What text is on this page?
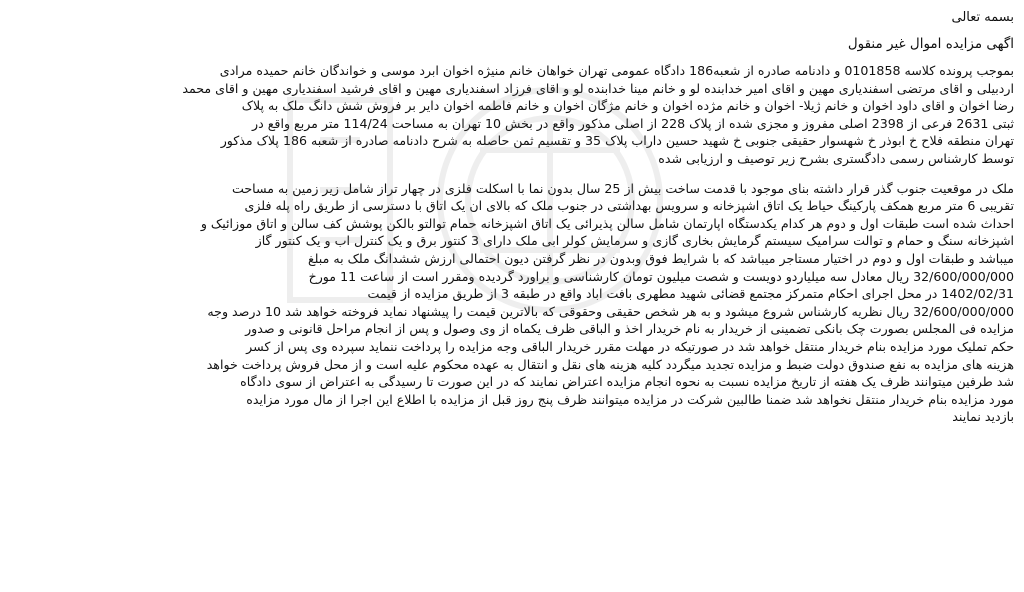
بسمه تعالی

اگهی مزایده اموال غیر منقول

بموجب پرونده کلاسه 0101858 و دادنامه صادره از شعبه186 دادگاه عمومی تهران خواهان خانم منیژه اخوان ابرد موسی و خواندگان خانم حمیده مرادی
اردبیلی و اقای مرتضی اسفندیاری مهین و اقای امیر خدابنده لو و خانم مینا خدابنده لو و اقای فرزاد اسفندیاری مهین و اقای فرشید اسفندیاری مهین و اقای محمد
رضا اخوان و اقای داود اخوان و خانم ژیلا- اخوان و خانم مژده اخوان و خانم مژگان اخوان و خانم فاطمه اخوان دایر بر فروش شش دانگ ملک به پلاک
ثبتی 2631 فرعی از 2398 اصلی مفروز و مجزی شده از پلاک 228 از اصلی مذکور واقع در بخش 10 تهران به مساحت 114/24 متر مربع واقع در
تهران منطقه فلاح خ ابوذر خ شهسوار حقیقی جنوبی خ شهید حسین داراب پلاک 35 و تقسیم ثمن حاصله به شرح دادنامه صادره از شعبه 186 پلاک مذکور
توسط کارشناس رسمی دادگستری بشرح زیر توصیف و ارزیابی شده
ملک در موقعیت جنوب گذر قرار داشته بنای موجود با قدمت ساخت بیش از 25 سال بدون نما با اسکلت فلزی در چهار تراز شامل زیر زمین به مساحت
تقریبی 6 متر مربع همکف پارکینگ حیاط یک اتاق اشپزخانه و سرویس بهداشتی در جنوب ملک که بالای ان یک اتاق با دسترسی از طریق راه پله فلزی
احداث شده است طبقات اول و دوم هر کدام یکدستگاه اپارتمان شامل سالن پذیرائی یک اتاق اشپزخانه حمام توالتو بالکن پوشش کف سالن و اتاق موزائیک و
اشپزخانه سنگ و حمام و توالت سرامیک سیستم گرمایش بخاری گازی و سرمایش کولر ابی ملک دارای 3 کنتور برق و یک کنترل اب و یک کنتور گاز
میباشد و طبقات اول و دوم در اختیار مستاجر میباشد که با شرایط فوق وبدون در نظر گرفتن دیون احتمالی ارزش ششدانگ ملک به مبلغ
32/600/000/000 ریال معادل سه میلیاردو دویست و شصت میلیون تومان کارشناسی و براورد گردیده ومقرر است از ساعت 11 مورخ
1402/02/31 در محل اجرای احکام متمرکز مجتمع قضائی شهید مطهری بافت اباد واقع در طبقه 3 از طریق مزایده از قیمت
32/600/000/000 ریال نظریه کارشناس شروع میشود و به هر شخص حقیقی وحقوقی که بالاترین قیمت را پیشنهاد نماید فروخته خواهد شد 10 درصد وجه
مزایده فی المجلس بصورت چک بانکی تضمینی از خریدار به نام خریدار اخذ و الباقی ظرف یکماه از وی وصول و پس از انجام مراحل قانونی و صدور
حکم تملیک مورد مزایده بنام خریدار منتقل خواهد شد در صورتیکه در مهلت مقرر خریدار الباقی وجه مزایده را پرداخت ننماید سپرده وی پس از کسر
هزینه های مزایده به نفع صندوق دولت ضبط و مزایده تجدید میگردد کلیه هزینه های نقل و انتقال به عهده محکوم علیه است و از محل فروش پرداخت خواهد
شد طرفین میتوانند ظرف یک هفته از تاریخ مزایده نسبت به نحوه انجام مزایده اعتراض نمایند که در این صورت تا رسیدگی به اعتراض از سوی دادگاه
مورد مزایده بنام خریدار منتقل نخواهد شد ضمنا طالبین شرکت در مزایده میتوانند ظرف پنج روز قبل از مزایده با اطلاع این اجرا از مال مورد مزایده
بازدید نمایند
